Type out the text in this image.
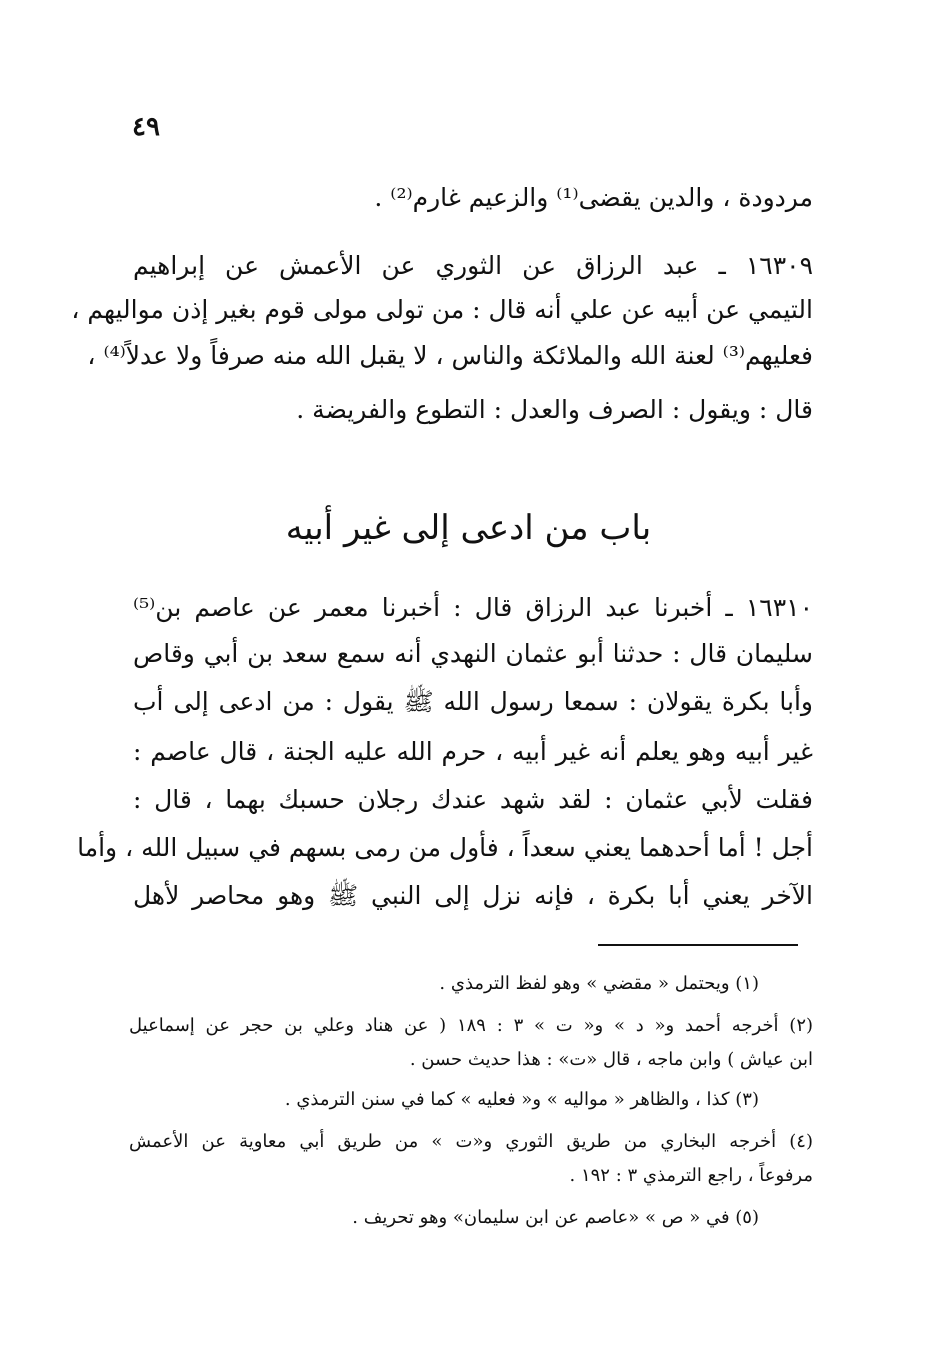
٤٩
مردودة ، والدين يقضى⁽¹⁾ والزعيم غارم⁽²⁾ .
١٦٣٠٩ ـ عبد الرزاق عن الثوري عن الأعمش عن إبراهيم
التيمي عن أبيه عن علي أنه قال : من تولى مولى قوم بغير إذن مواليهم ،
فعليهم⁽³⁾ لعنة الله والملائكة والناس ، لا يقبل الله منه صرفاً ولا عدلاً⁽⁴⁾ ،
قال : ويقول : الصرف والعدل : التطوع والفريضة .
باب من ادعى إلى غير أبيه
١٦٣١٠ ـ أخبرنا عبد الرزاق قال : أخبرنا معمر عن عاصم بن⁽⁵⁾
سليمان قال : حدثنا أبو عثمان النهدي أنه سمع سعد بن أبي وقاص
وأبا بكرة يقولان : سمعا رسول الله ﷺ يقول : من ادعى إلى أب
غير أبيه وهو يعلم أنه غير أبيه ، حرم الله عليه الجنة ، قال عاصم :
فقلت لأبي عثمان : لقد شهد عندك رجلان حسبك بهما ، قال :
أجل ! أما أحدهما يعني سعداً ، فأول من رمى بسهم في سبيل الله ، وأما
الآخر يعني أبا بكرة ، فإنه نزل إلى النبي ﷺ وهو محاصر لأهل
(١) ويحتمل « مقضي » وهو لفظ الترمذي .
(٢) أخرجه أحمد و« د » و« ت » ٣ : ١٨٩ ( عن هناد وعلي بن حجر عن إسماعيل
ابن عياش ) وابن ماجه ، قال «ت» : هذا حديث حسن .
(٣) كذا ، والظاهر « مواليه » و« فعليه » كما في سنن الترمذي .
(٤) أخرجه البخاري من طريق الثوري و«ت » من طريق أبي معاوية عن الأعمش
مرفوعاً ، راجع الترمذي ٣ : ١٩٢ .
(٥) في « ص » «عاصم عن ابن سليمان» وهو تحريف .
